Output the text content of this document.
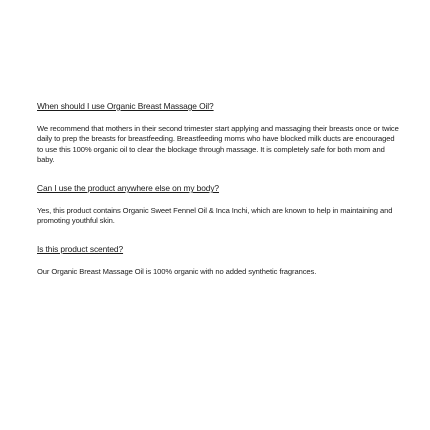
When should I use Organic Breast Massage Oil?

We recommend that mothers in their second trimester start applying and massaging their breasts once or twice daily to prep the breasts for breastfeeding. Breastfeeding moms who have blocked milk ducts are encouraged to use this 100% organic oil to clear the blockage through massage. It is completely safe for both mom and baby.

Can I use the product anywhere else on my body?

Yes, this product contains Organic Sweet Fennel Oil & Inca Inchi, which are known to help in maintaining and promoting youthful skin.

Is this product scented?

Our Organic Breast Massage Oil is 100% organic with no added synthetic fragrances.
